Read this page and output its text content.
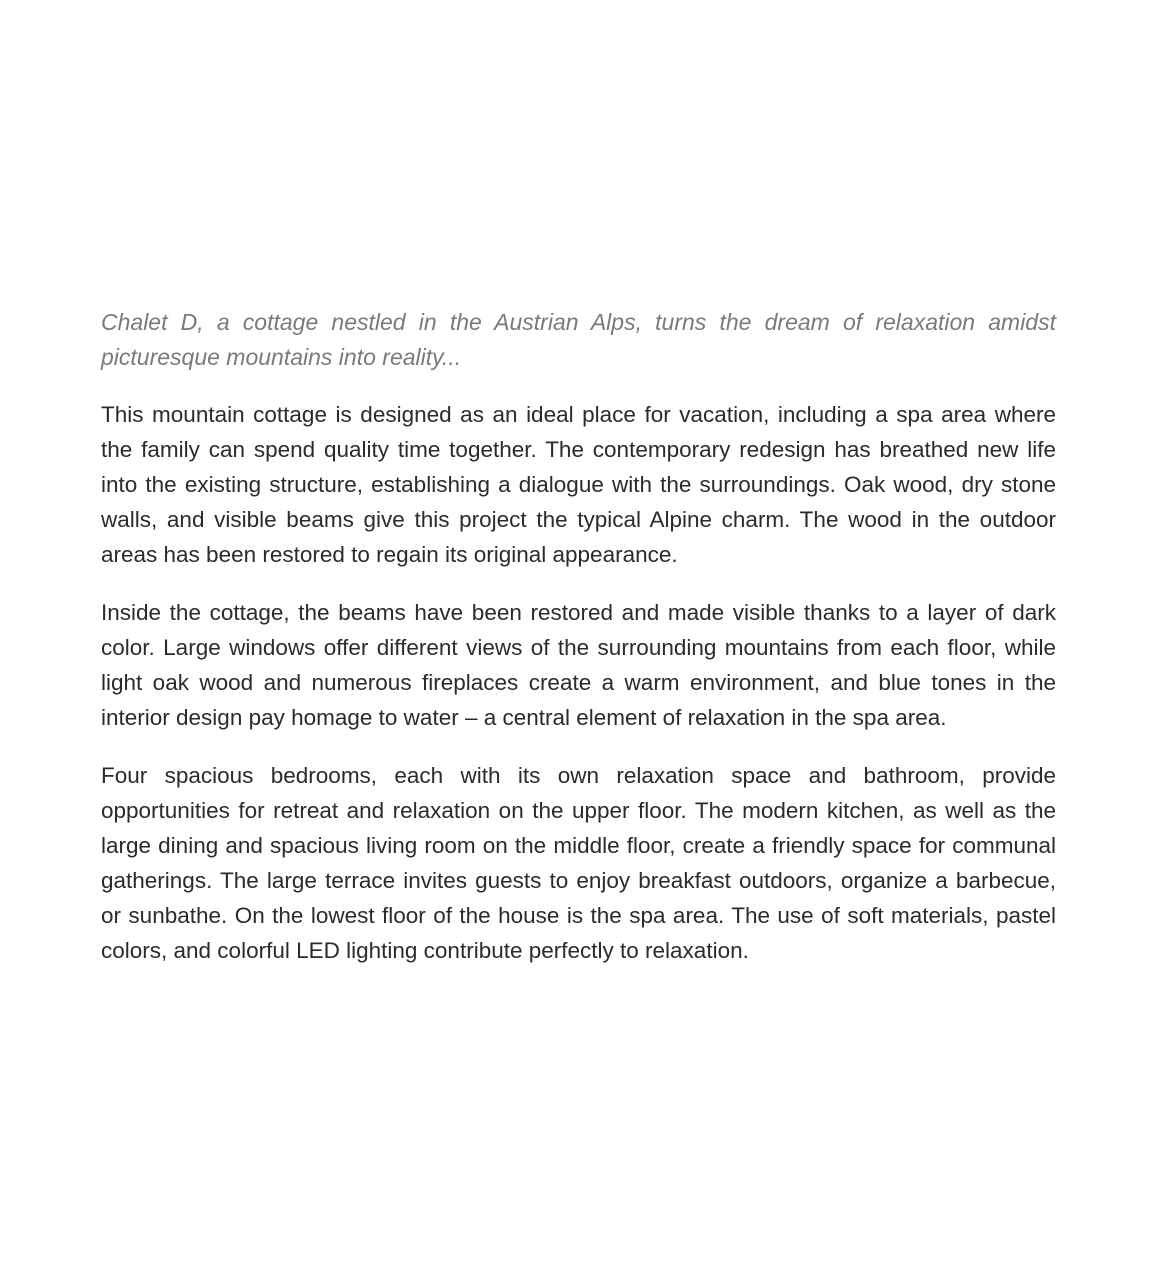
Chalet D, a cottage nestled in the Austrian Alps, turns the dream of relaxation amidst picturesque mountains into reality...

This mountain cottage is designed as an ideal place for vacation, including a spa area where the family can spend quality time together. The contemporary redesign has breathed new life into the existing structure, establishing a dialogue with the surroundings. Oak wood, dry stone walls, and visible beams give this project the typical Alpine charm. The wood in the outdoor areas has been restored to regain its original appearance.

Inside the cottage, the beams have been restored and made visible thanks to a layer of dark color. Large windows offer different views of the surrounding mountains from each floor, while light oak wood and numerous fireplaces create a warm environment, and blue tones in the interior design pay homage to water – a central element of relaxation in the spa area.

Four spacious bedrooms, each with its own relaxation space and bathroom, provide opportunities for retreat and relaxation on the upper floor. The modern kitchen, as well as the large dining and spacious living room on the middle floor, create a friendly space for communal gatherings. The large terrace invites guests to enjoy breakfast outdoors, organize a barbecue, or sunbathe. On the lowest floor of the house is the spa area. The use of soft materials, pastel colors, and colorful LED lighting contribute perfectly to relaxation.
